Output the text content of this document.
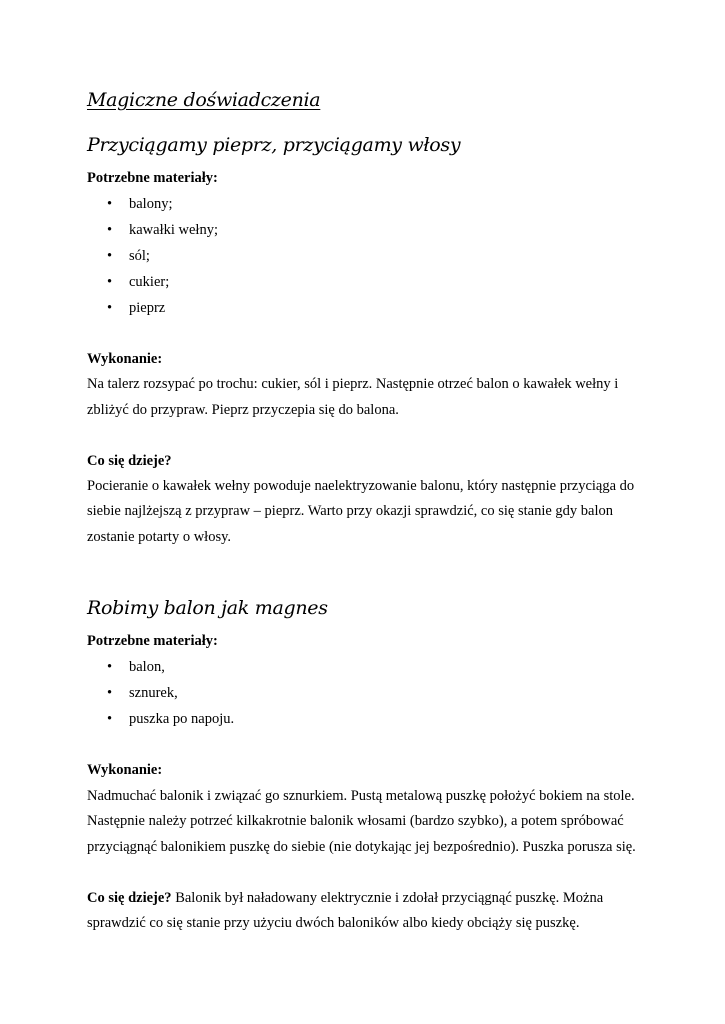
Magiczne doświadczenia
Przyciągamy pieprz, przyciągamy włosy
Potrzebne materiały:
• balony;
• kawałki wełny;
• sól;
• cukier;
• pieprz
Wykonanie:
Na talerz rozsypać po trochu: cukier, sól i pieprz. Następnie otrzeć balon o kawałek wełny i
zbliżyć do przypraw. Pieprz przyczepia się do balona.
Co się dzieje?
Pocieranie o kawałek wełny powoduje naelektryzowanie balonu, który następnie przyciąga do
siebie najlżejszą z przypraw – pieprz. Warto przy okazji sprawdzić, co się stanie gdy balon
zostanie potarty o włosy.
Robimy balon jak magnes
Potrzebne materiały:
• balon,
• sznurek,
• puszka po napoju.
Wykonanie:
Nadmuchać balonik i związać go sznurkiem. Pustą metalową puszkę położyć bokiem na stole.
Następnie należy potrzeć kilkakrotnie balonik włosami (bardzo szybko), a potem spróbować
przyciągnąć balonikiem puszkę do siebie (nie dotykając jej bezpośrednio). Puszka porusza się.
Co się dzieje? Balonik był naładowany elektrycznie i zdołał przyciągnąć puszkę. Można
sprawdzić co się stanie przy użyciu dwóch baloników albo kiedy obciąży się puszkę.
